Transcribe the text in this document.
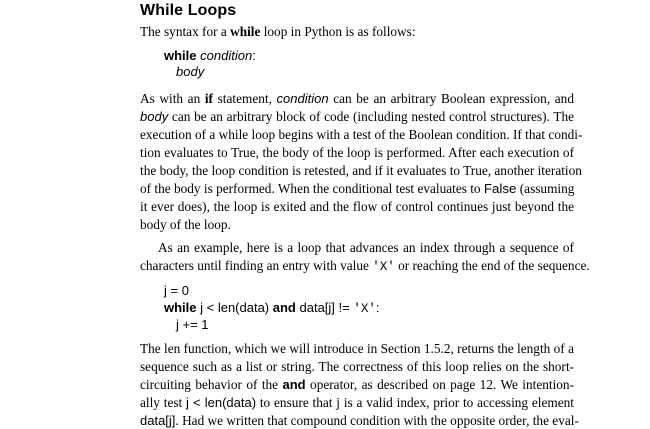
While Loops
The syntax for a while loop in Python is as follows:
while condition:
body
As with an if statement, condition can be an arbitrary Boolean expression, and
body can be an arbitrary block of code (including nested control structures). The
execution of a while loop begins with a test of the Boolean condition. If that condi-
tion evaluates to True, the body of the loop is performed. After each execution of
the body, the loop condition is retested, and if it evaluates to True, another iteration
of the body is performed. When the conditional test evaluates to False (assuming
it ever does), the loop is exited and the flow of control continues just beyond the
body of the loop.
As an example, here is a loop that advances an index through a sequence of
characters until finding an entry with value 'X' or reaching the end of the sequence.
j = 0
while j < len(data) and data[j] != 'X':
j += 1
The len function, which we will introduce in Section 1.5.2, returns the length of a
sequence such as a list or string. The correctness of this loop relies on the short-
circuiting behavior of the and operator, as described on page 12. We intention-
ally test j < len(data) to ensure that j is a valid index, prior to accessing element
data[j]. Had we written that compound condition with the opposite order, the eval-
